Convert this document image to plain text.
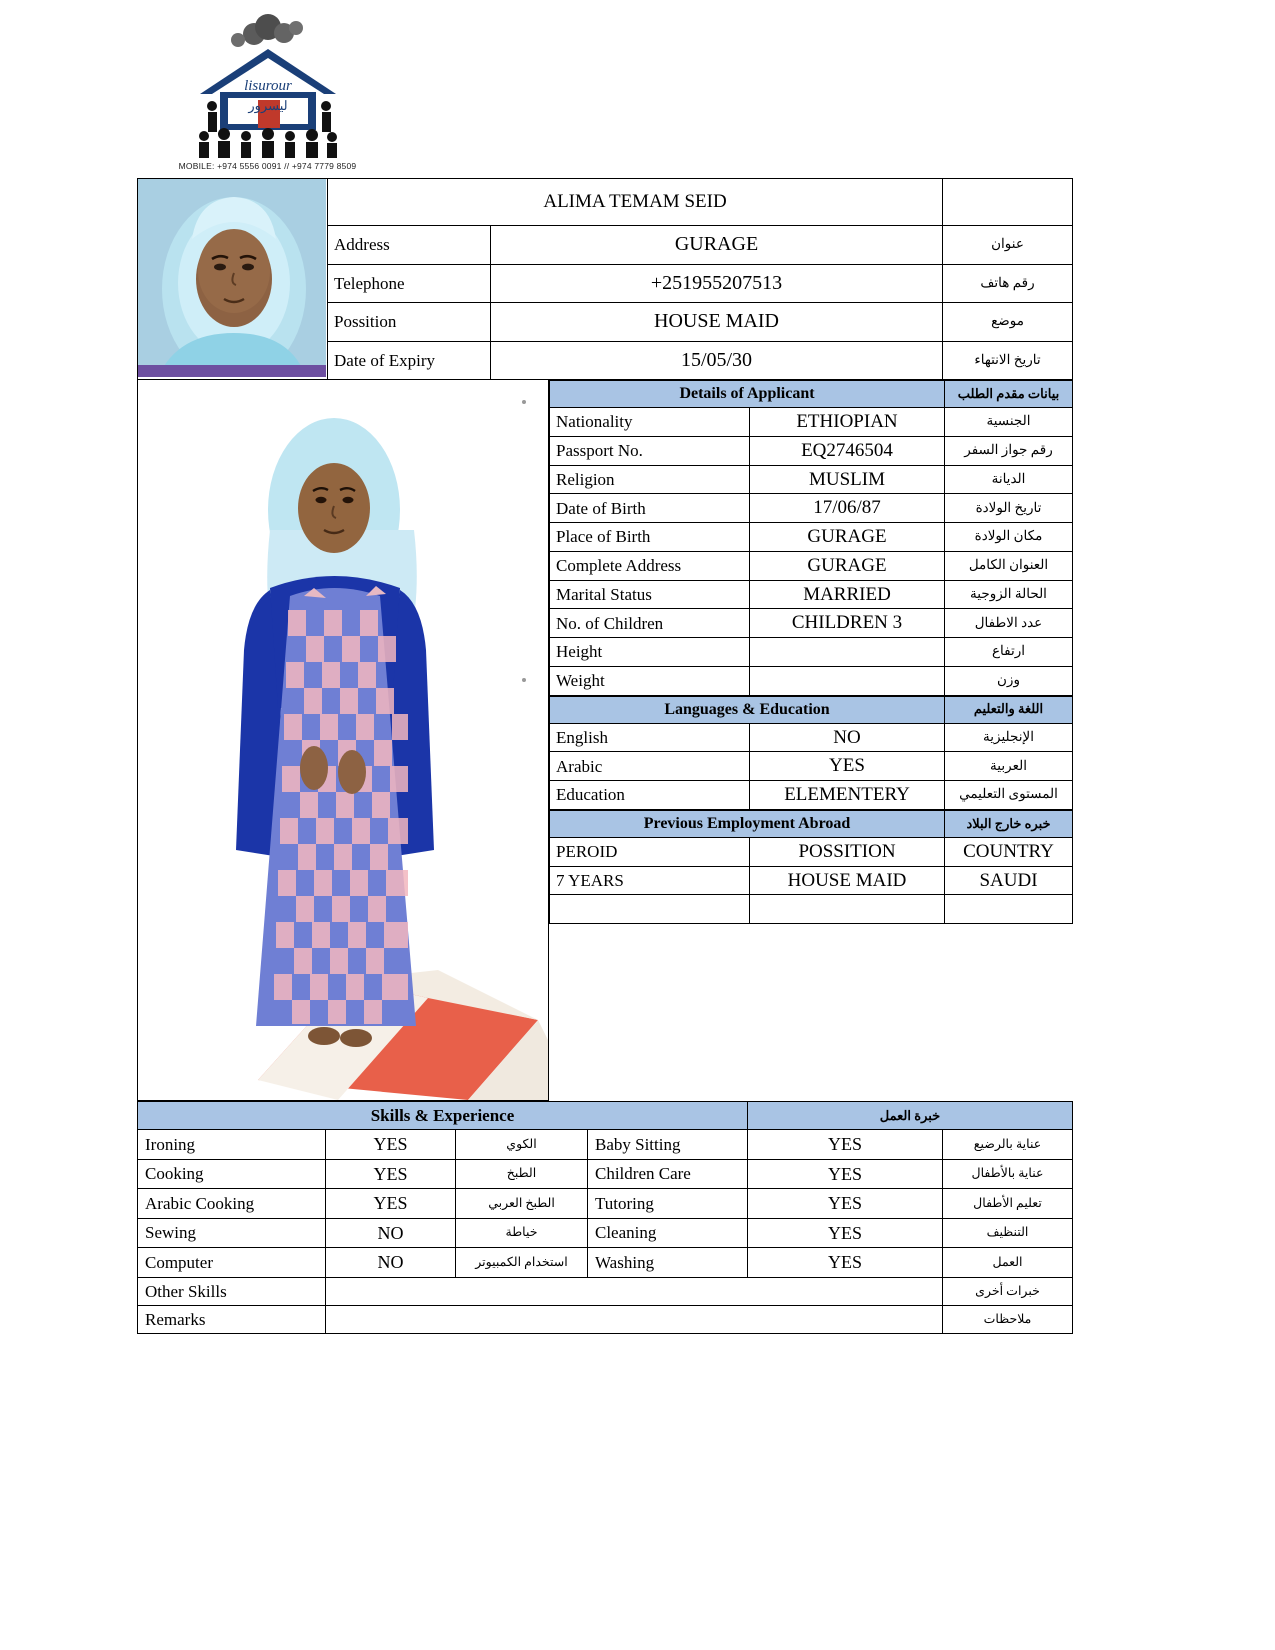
lisurour
ليسرور
MOBILE: +974 5556 0091 // +974 7779 8509
	ALIMA TEMAM SEID		
	Address	GURAGE	عنوان
	Telephone	+251955207513	رقم هاتف
	Possition	HOUSE MAID	موضع
	Date of Expiry	15/05/30	تاريخ الانتهاء
Details of Applicant		بيانات مقدم الطلب
Nationality	ETHIOPIAN	الجنسية
Passport No.	EQ2746504	رقم جواز السفر
Religion	MUSLIM	الديانة
Date of Birth	17/06/87	تاريخ الولادة
Place of Birth	GURAGE	مكان الولادة
Complete Address	GURAGE	العنوان الكامل
Marital Status	MARRIED	الحالة الزوجية
No. of Children	CHILDREN 3	عدد الاطفال
Height		ارتفاع
Weight		وزن
Languages & Education		اللغة والتعليم
English	NO	الإنجليزية
Arabic	YES	العربية
Education	ELEMENTERY	المستوى التعليمي
Previous Employment Abroad		خبره خارج البلاد
PEROID	POSSITION	COUNTRY
7 YEARS	HOUSE MAID	SAUDI

Skills & Experience				خبرة العمل	
Ironing	YES	الكوي	Baby Sitting	YES	عناية بالرضيع
Cooking	YES	الطبخ	Children Care	YES	عناية بالأطفال
Arabic Cooking	YES	الطبخ العربي	Tutoring	YES	تعليم الأطفال
Sewing	NO	خياطة	Cleaning	YES	التنظيف
Computer	NO	استخدام الكمبيوتر	Washing	YES	العمل
Other Skills					خبرات أخرى
Remarks					ملاحظات
